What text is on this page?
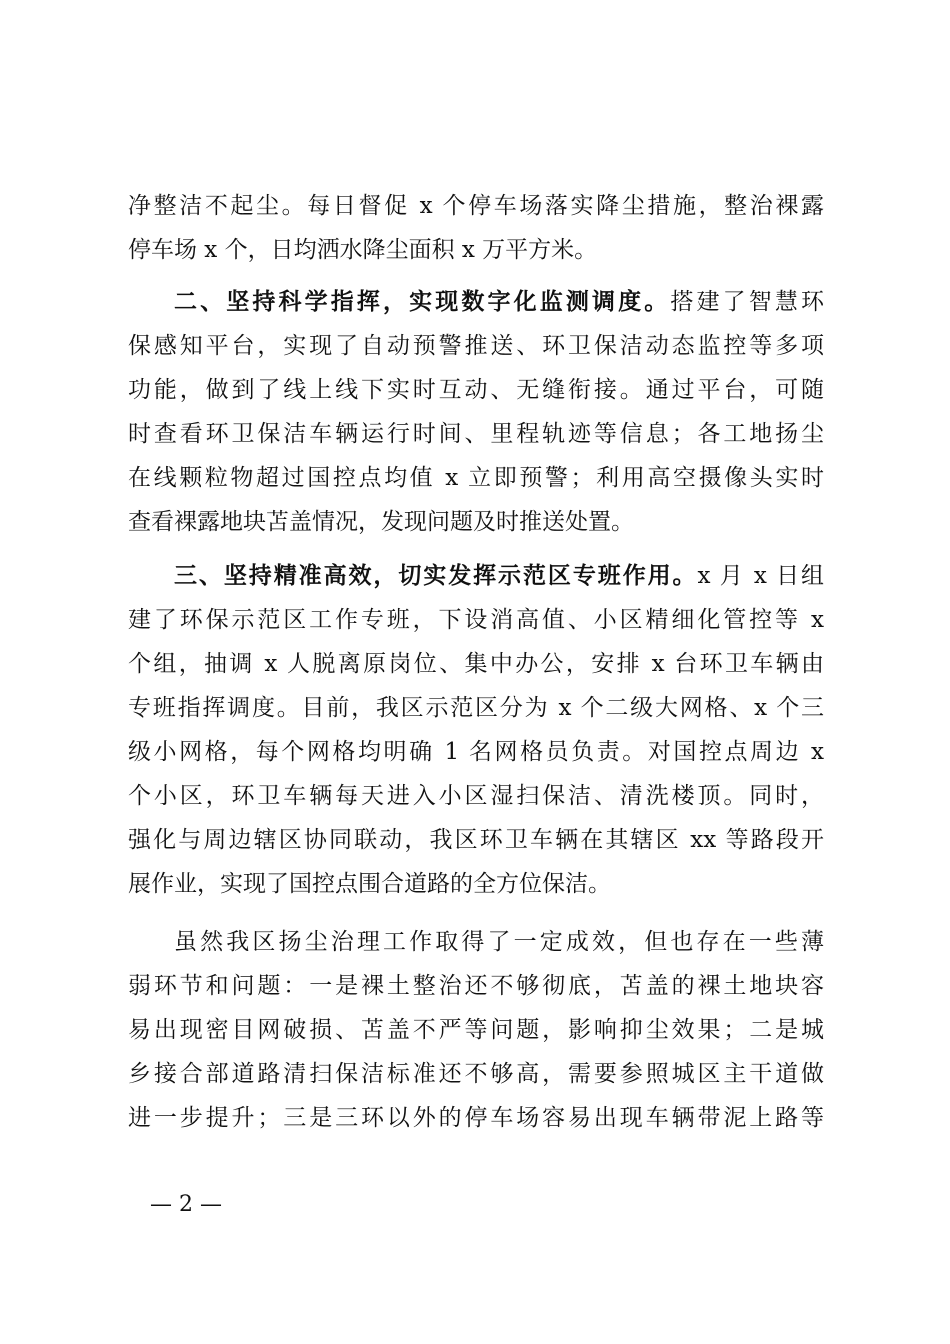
净整洁不起尘。每日督促 x 个停车场落实降尘措施，整治裸露
停车场 x 个，日均洒水降尘面积 x 万平方米。
二、坚持科学指挥，实现数字化监测调度。搭建了智慧环
保感知平台，实现了自动预警推送、环卫保洁动态监控等多项
功能，做到了线上线下实时互动、无缝衔接。通过平台，可随
时查看环卫保洁车辆运行时间、里程轨迹等信息；各工地扬尘
在线颗粒物超过国控点均值 x 立即预警；利用高空摄像头实时
查看裸露地块苫盖情况，发现问题及时推送处置。
三、坚持精准高效，切实发挥示范区专班作用。x 月 x 日组
建了环保示范区工作专班，下设消高值、小区精细化管控等 x
个组，抽调 x 人脱离原岗位、集中办公，安排 x 台环卫车辆由
专班指挥调度。目前，我区示范区分为 x 个二级大网格、x 个三
级小网格，每个网格均明确 1 名网格员负责。对国控点周边 x
个小区，环卫车辆每天进入小区湿扫保洁、清洗楼顶。同时，
强化与周边辖区协同联动，我区环卫车辆在其辖区 xx 等路段开
展作业，实现了国控点围合道路的全方位保洁。
虽然我区扬尘治理工作取得了一定成效，但也存在一些薄
弱环节和问题：一是裸土整治还不够彻底，苫盖的裸土地块容
易出现密目网破损、苫盖不严等问题，影响抑尘效果；二是城
乡接合部道路清扫保洁标准还不够高，需要参照城区主干道做
进一步提升；三是三环以外的停车场容易出现车辆带泥上路等
— 2 —
